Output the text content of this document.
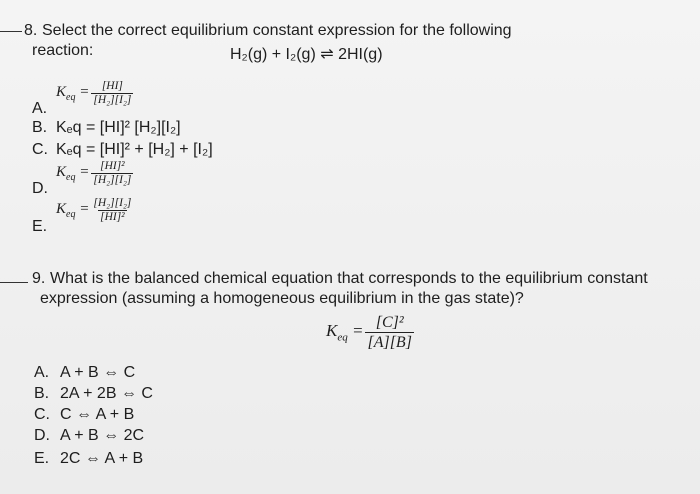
8. Select the correct equilibrium constant expression for the following
reaction:	H₂(g) + I₂(g) ⇌ 2HI(g)
A.
$K_{eq} = \frac{[HI]}{\text{[H₂][I₂]}}$
B. Kₑq = [HI]² [H₂][I₂]
C. Kₑq = [HI]² + [H₂] + [I₂]
D.
$K_{eq} = \frac{\text{[HI]²}}{\text{[H₂][I₂]}}$
E.
$K_{eq} = \frac{\text{[H₂][I₂]}}{\text{[HI]²}}$
9. What is the balanced chemical equation that corresponds to the equilibrium constant
expression (assuming a homogeneous equilibrium in the gas state)?
$K_{eq} = \frac{\text{[C]²}}{[A][B]}$
A. A + B ⇔ C
B. 2A + 2B ⇔ C
C. C ⇔ A + B
D. A + B ⇔ 2C
E. 2C ⇔ A + B
